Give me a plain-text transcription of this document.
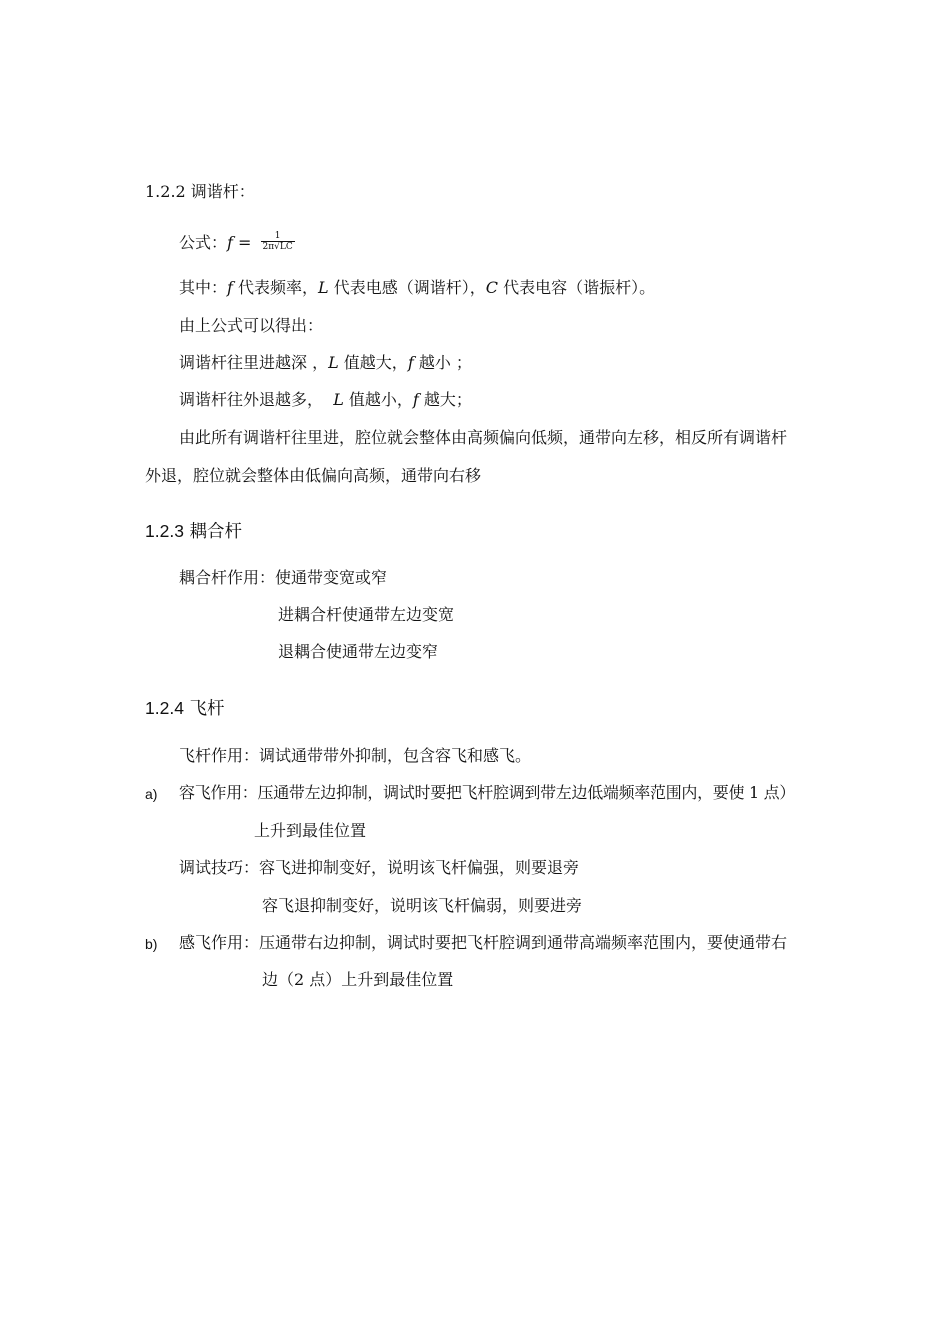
1.2.2 调谐杆：
公式：$f = \frac{1}{2\pi√LC}$
其中：f 代表频率，L 代表电感（调谐杆），C 代表电容（谐振杆）。
由上公式可以得出：
调谐杆往里进越深 ，L 值越大，f 越小 ；
调谐杆往外退越多，  L 值越小，f 越大；
由此所有调谐杆往里进，腔位就会整体由高频偏向低频，通带向左移，相反所有调谐杆
外退，腔位就会整体由低偏向高频，通带向右移
1.2.3 耦合杆
耦合杆作用：使通带变宽或窄
进耦合杆使通带左边变宽
退耦合使通带左边变窄
1.2.4 飞杆
飞杆作用：调试通带带外抑制，包含容飞和感飞。
a) 容飞作用：压通带左边抑制，调试时要把飞杆腔调到带左边低端频率范围内，要使 1 点）
上升到最佳位置
调试技巧：容飞进抑制变好，说明该飞杆偏强，则要退旁
容飞退抑制变好，说明该飞杆偏弱，则要进旁
b) 感飞作用：压通带右边抑制，调试时要把飞杆腔调到通带高端频率范围内，要使通带右
边（2 点）上升到最佳位置
